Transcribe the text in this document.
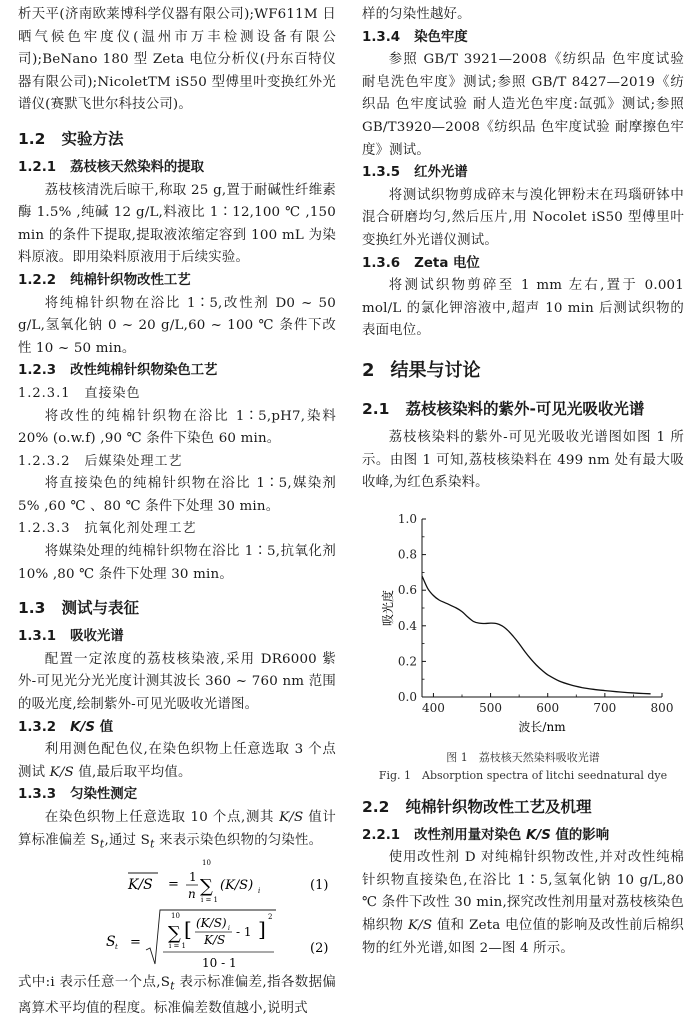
析天平(济南欧莱博科学仪器有限公司);WF611M 日晒气候色牢度仪(温州市万丰检测设备有限公司);BeNano 180 型 Zeta 电位分析仪(丹东百特仪器有限公司);NicoletTM iS50 型傅里叶变换红外光谱仪(赛默飞世尔科技公司)。

1.2 实验方法
1.2.1 荔枝核天然染料的提取

荔枝核清洗后晾干,称取 25 g,置于耐碱性纤维素酶 1.5% ,纯碱 12 g/L,料液比 1∶12,100 ℃ ,150 min 的条件下提取,提取液浓缩定容到 100 mL 为染料原液。即用染料原液用于后续实验。

1.2.2 纯棉针织物改性工艺

将纯棉针织物在浴比 1∶5,改性剂 D0 ~ 50 g/L,氢氧化钠 0 ~ 20 g/L,60 ~ 100 ℃ 条件下改性 10 ~ 50 min。

1.2.3 改性纯棉针织物染色工艺
1.2.3.1 直接染色

将改性的纯棉针织物在浴比 1∶5,pH7,染料 20% (o.w.f) ,90 ℃ 条件下染色 60 min。

1.2.3.2 后媒染处理工艺

将直接染色的纯棉针织物在浴比 1∶5,媒染剂 5% ,60 ℃ 、80 ℃ 条件下处理 30 min。

1.2.3.3 抗氧化剂处理工艺

将媒染处理的纯棉针织物在浴比 1∶5,抗氧化剂 10% ,80 ℃ 条件下处理 30 min。

1.3 测试与表征
1.3.1 吸收光谱

配置一定浓度的荔枝核染液,采用 DR6000 紫外-可见光分光光度计测其波长 360 ~ 760 nm 范围的吸光度,绘制紫外-可见光吸收光谱图。

1.3.2 K/S 值

利用测色配色仪,在染色织物上任意选取 3 个点测试 K/S 值,最后取平均值。

1.3.3 匀染性测定

在染色织物上任意选取 10 个点,测其 K/S 值计算标准偏差 $S_t$,通过 $S_t$ 来表示染色织物的匀染性。

K/S = 1
n
10
∑
i = 1
(K/S) i	(1)
S t =
10
∑
i = 1
[ (K/S) i
K/S
- 1 ] 2
10 - 1
(2)

式中:i 表示任意一个点$,S_t$ 表示标准偏差,指各数据偏离算术平均值的程度。标准偏差数值越小,说明式

样的匀染性越好。

1.3.4 染色牢度

参照 GB/T 3921—2008《纺织品 色牢度试验 耐皂洗色牢度》测试;参照 GB/T 8427—2019《纺织品 色牢度试验 耐人造光色牢度:氙弧》测试;参照 GB/T3920—2008《纺织品 色牢度试验 耐摩擦色牢度》测试。

1.3.5 红外光谱

将测试织物剪成碎末与溴化钾粉末在玛瑙研钵中混合研磨均匀,然后压片,用 Nocolet iS50 型傅里叶变换红外光谱仪测试。

1.3.6 Zeta 电位

将测试织物剪碎至 1 mm 左右,置于 0.001 mol/L 的氯化钾溶液中,超声 10 min 后测试织物的表面电位。

2 结果与讨论
2.1 荔枝核染料的紫外-可见光吸收光谱

荔枝核染料的紫外-可见光吸收光谱图如图 1 所示。由图 1 可知,荔枝核染料在 499 nm 处有最大吸收峰,为红色系染料。

0.0
0.2
0.4
0.6
0.8
1.0
400	500	600	700	800
吸光度
波长/nm

图 1　荔枝核天然染料吸收光谱

Fig. 1　Absorption spectra of litchi seednatural dye

2.2 纯棉针织物改性工艺及机理
2.2.1 改性剂用量对染色 K/S 值的影响

使用改性剂 D 对纯棉针织物改性,并对改性纯棉针织物直接染色,在浴比 1∶5,氢氧化钠 10 g/L,80 ℃ 条件下改性 30 min,探究改性剂用量对荔枝核染色棉织物 K/S 值和 Zeta 电位值的影响及改性前后棉织物的红外光谱,如图 2—图 4 所示。
